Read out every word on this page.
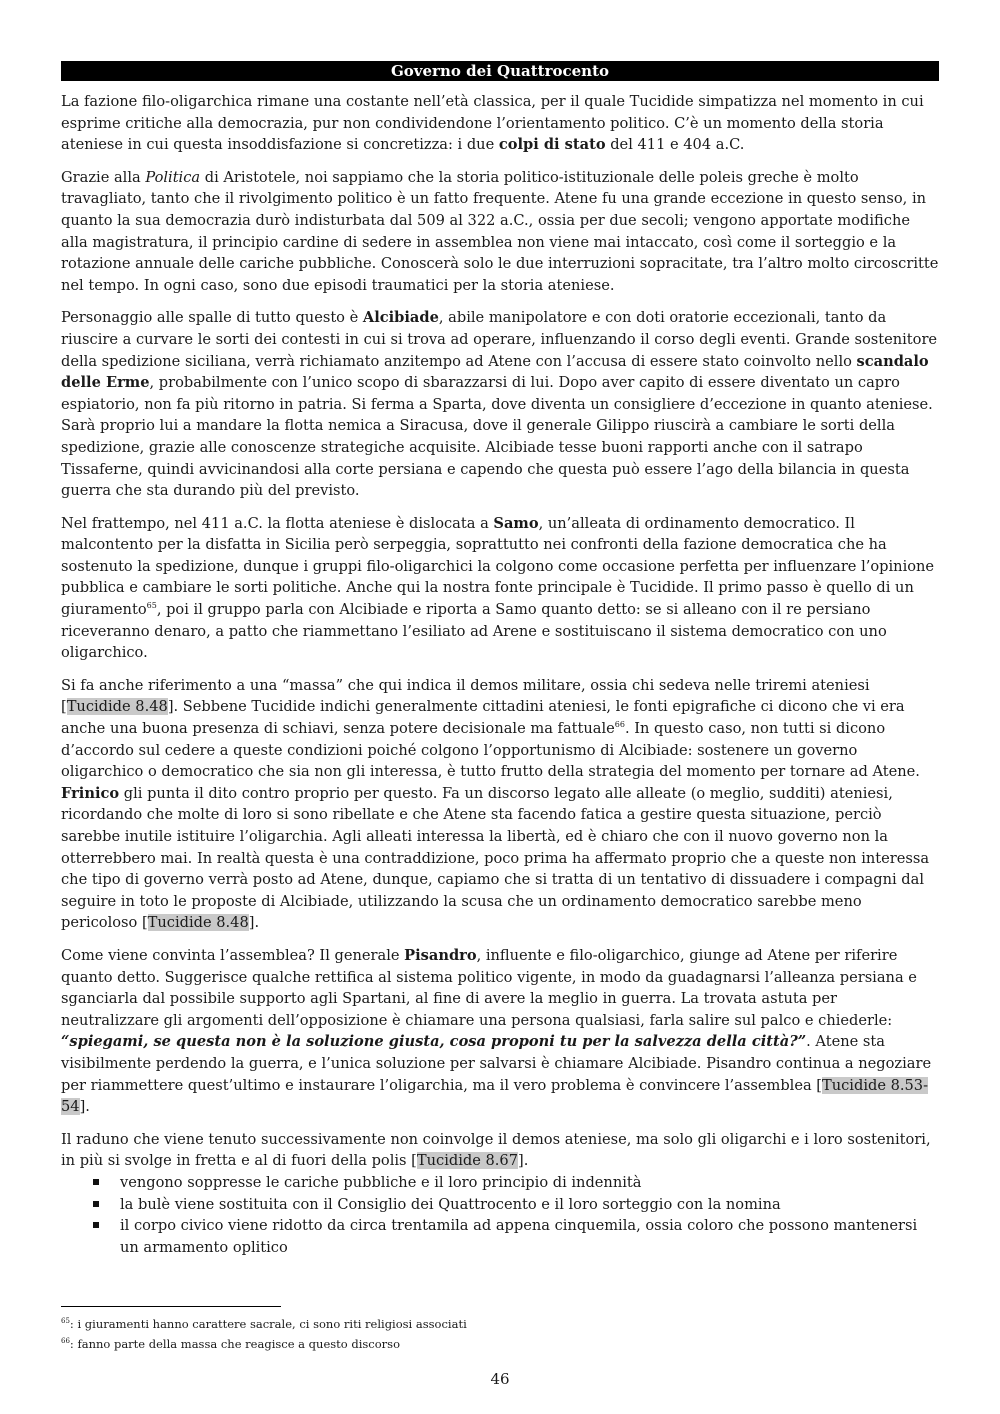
Governo dei Quattrocento

La fazione filo-oligarchica rimane una costante nell’età classica, per il quale Tucidide simpatizza nel momento in cui esprime critiche alla democrazia, pur non condividendone l’orientamento politico. C’è un momento della storia ateniese in cui questa insoddisfazione si concretizza: i due colpi di stato del 411 e 404 a.C.

Grazie alla Politica di Aristotele, noi sappiamo che la storia politico-istituzionale delle poleis greche è molto travagliato, tanto che il rivolgimento politico è un fatto frequente. Atene fu una grande eccezione in questo senso, in quanto la sua democrazia durò indisturbata dal 509 al 322 a.C., ossia per due secoli; vengono apportate modifiche alla magistratura, il principio cardine di sedere in assemblea non viene mai intaccato, così come il sorteggio e la rotazione annuale delle cariche pubbliche. Conoscerà solo le due interruzioni sopracitate, tra l’altro molto circoscritte nel tempo. In ogni caso, sono due episodi traumatici per la storia ateniese.

Personaggio alle spalle di tutto questo è Alcibiade, abile manipolatore e con doti oratorie eccezionali, tanto da riuscire a curvare le sorti dei contesti in cui si trova ad operare, influenzando il corso degli eventi. Grande sostenitore della spedizione siciliana, verrà richiamato anzitempo ad Atene con l’accusa di essere stato coinvolto nello scandalo delle Erme, probabilmente con l’unico scopo di sbarazzarsi di lui. Dopo aver capito di essere diventato un capro espiatorio, non fa più ritorno in patria. Si ferma a Sparta, dove diventa un consigliere d’eccezione in quanto ateniese. Sarà proprio lui a mandare la flotta nemica a Siracusa, dove il generale Gilippo riuscirà a cambiare le sorti della spedizione, grazie alle conoscenze strategiche acquisite. Alcibiade tesse buoni rapporti anche con il satrapo Tissaferne, quindi avvicinandosi alla corte persiana e capendo che questa può essere l’ago della bilancia in questa guerra che sta durando più del previsto.

Nel frattempo, nel 411 a.C. la flotta ateniese è dislocata a Samo, un’alleata di ordinamento democratico. Il malcontento per la disfatta in Sicilia però serpeggia, soprattutto nei confronti della fazione democratica che ha sostenuto la spedizione, dunque i gruppi filo-oligarchici la colgono come occasione perfetta per influenzare l’opinione pubblica e cambiare le sorti politiche. Anche qui la nostra fonte principale è Tucidide. Il primo passo è quello di un giuramento$^{65}$, poi il gruppo parla con Alcibiade e riporta a Samo quanto detto: se si alleano con il re persiano riceveranno denaro, a patto che riammettano l’esiliato ad Arene e sostituiscano il sistema democratico con uno oligarchico.

Si fa anche riferimento a una “massa” che qui indica il demos militare, ossia chi sedeva nelle triremi ateniesi [Tucidide 8.48]. Sebbene Tucidide indichi generalmente cittadini ateniesi, le fonti epigrafiche ci dicono che vi era anche una buona presenza di schiavi, senza potere decisionale ma fattuale$^{66}$. In questo caso, non tutti si dicono d’accordo sul cedere a queste condizioni poiché colgono l’opportunismo di Alcibiade: sostenere un governo oligarchico o democratico che sia non gli interessa, è tutto frutto della strategia del momento per tornare ad Atene. Frinico gli punta il dito contro proprio per questo. Fa un discorso legato alle alleate (o meglio, sudditi) ateniesi, ricordando che molte di loro si sono ribellate e che Atene sta facendo fatica a gestire questa situazione, perciò sarebbe inutile istituire l’oligarchia. Agli alleati interessa la libertà, ed è chiaro che con il nuovo governo non la otterrebbero mai. In realtà questa è una contraddizione, poco prima ha affermato proprio che a queste non interessa che tipo di governo verrà posto ad Atene, dunque, capiamo che si tratta di un tentativo di dissuadere i compagni dal seguire in toto le proposte di Alcibiade, utilizzando la scusa che un ordinamento democratico sarebbe meno pericoloso [Tucidide 8.48].

Come viene convinta l’assemblea? Il generale Pisandro, influente e filo-oligarchico, giunge ad Atene per riferire quanto detto. Suggerisce qualche rettifica al sistema politico vigente, in modo da guadagnarsi l’alleanza persiana e sganciarla dal possibile supporto agli Spartani, al fine di avere la meglio in guerra. La trovata astuta per neutralizzare gli argomenti dell’opposizione è chiamare una persona qualsiasi, farla salire sul palco e chiederle: “spiegami, se questa non è la soluzione giusta, cosa proponi tu per la salvezza della città?”. Atene sta visibilmente perdendo la guerra, e l’unica soluzione per salvarsi è chiamare Alcibiade. Pisandro continua a negoziare per riammettere quest’ultimo e instaurare l’oligarchia, ma il vero problema è convincere l’assemblea [Tucidide 8.53-54].

Il raduno che viene tenuto successivamente non coinvolge il demos ateniese, ma solo gli oligarchi e i loro sostenitori, in più si svolge in fretta e al di fuori della polis [Tucidide 8.67].

vengono soppresse le cariche pubbliche e il loro principio di indennità
la bulè viene sostituita con il Consiglio dei Quattrocento e il loro sorteggio con la nomina
il corpo civico viene ridotto da circa trentamila ad appena cinquemila, ossia coloro che possono mantenersi un armamento oplitico
$^{65}$: i giuramenti hanno carattere sacrale, ci sono riti religiosi associati
$^{66}$: fanno parte della massa che reagisce a questo discorso
46
